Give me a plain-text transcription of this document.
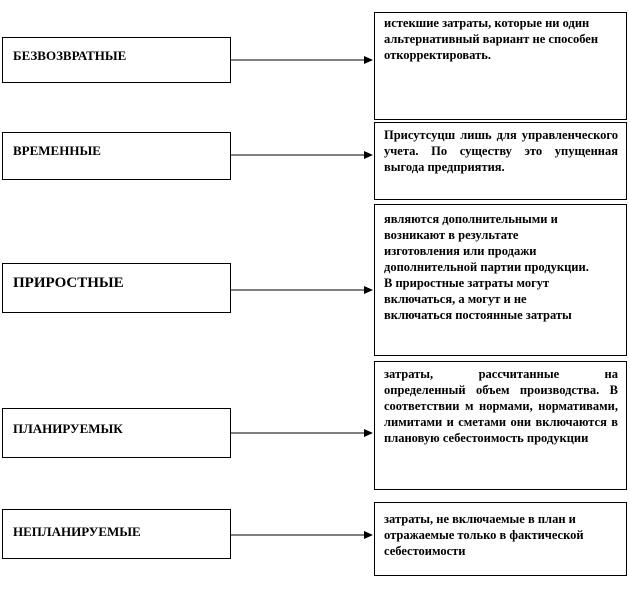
БЕЗВОЗВРАТНЫЕ
ВРЕМЕННЫЕ
ПРИРОСТНЫЕ
ПЛАНИРУЕМЫК
НЕПЛАНИРУЕМЫЕ
истекшие затраты, которые ни один альтернативный вариант не способен откорректировать.
Присутсуцш лишь для управленческого учета. По существу это упущенная выгода предприятия.
являются дополнительными и возникают в результате изготовления или продажи дополнительной партии продукции. В приростные затраты могут включаться, а могут и не включаться постоянные затраты
затраты, рассчитанные на определенный объем производства. В соответствии м нормами, нормативами, лимитами и сметами они включаются в плановую себестоимость продукции
затраты, не включаемые в план и отражаемые только в фактической себестоимости
